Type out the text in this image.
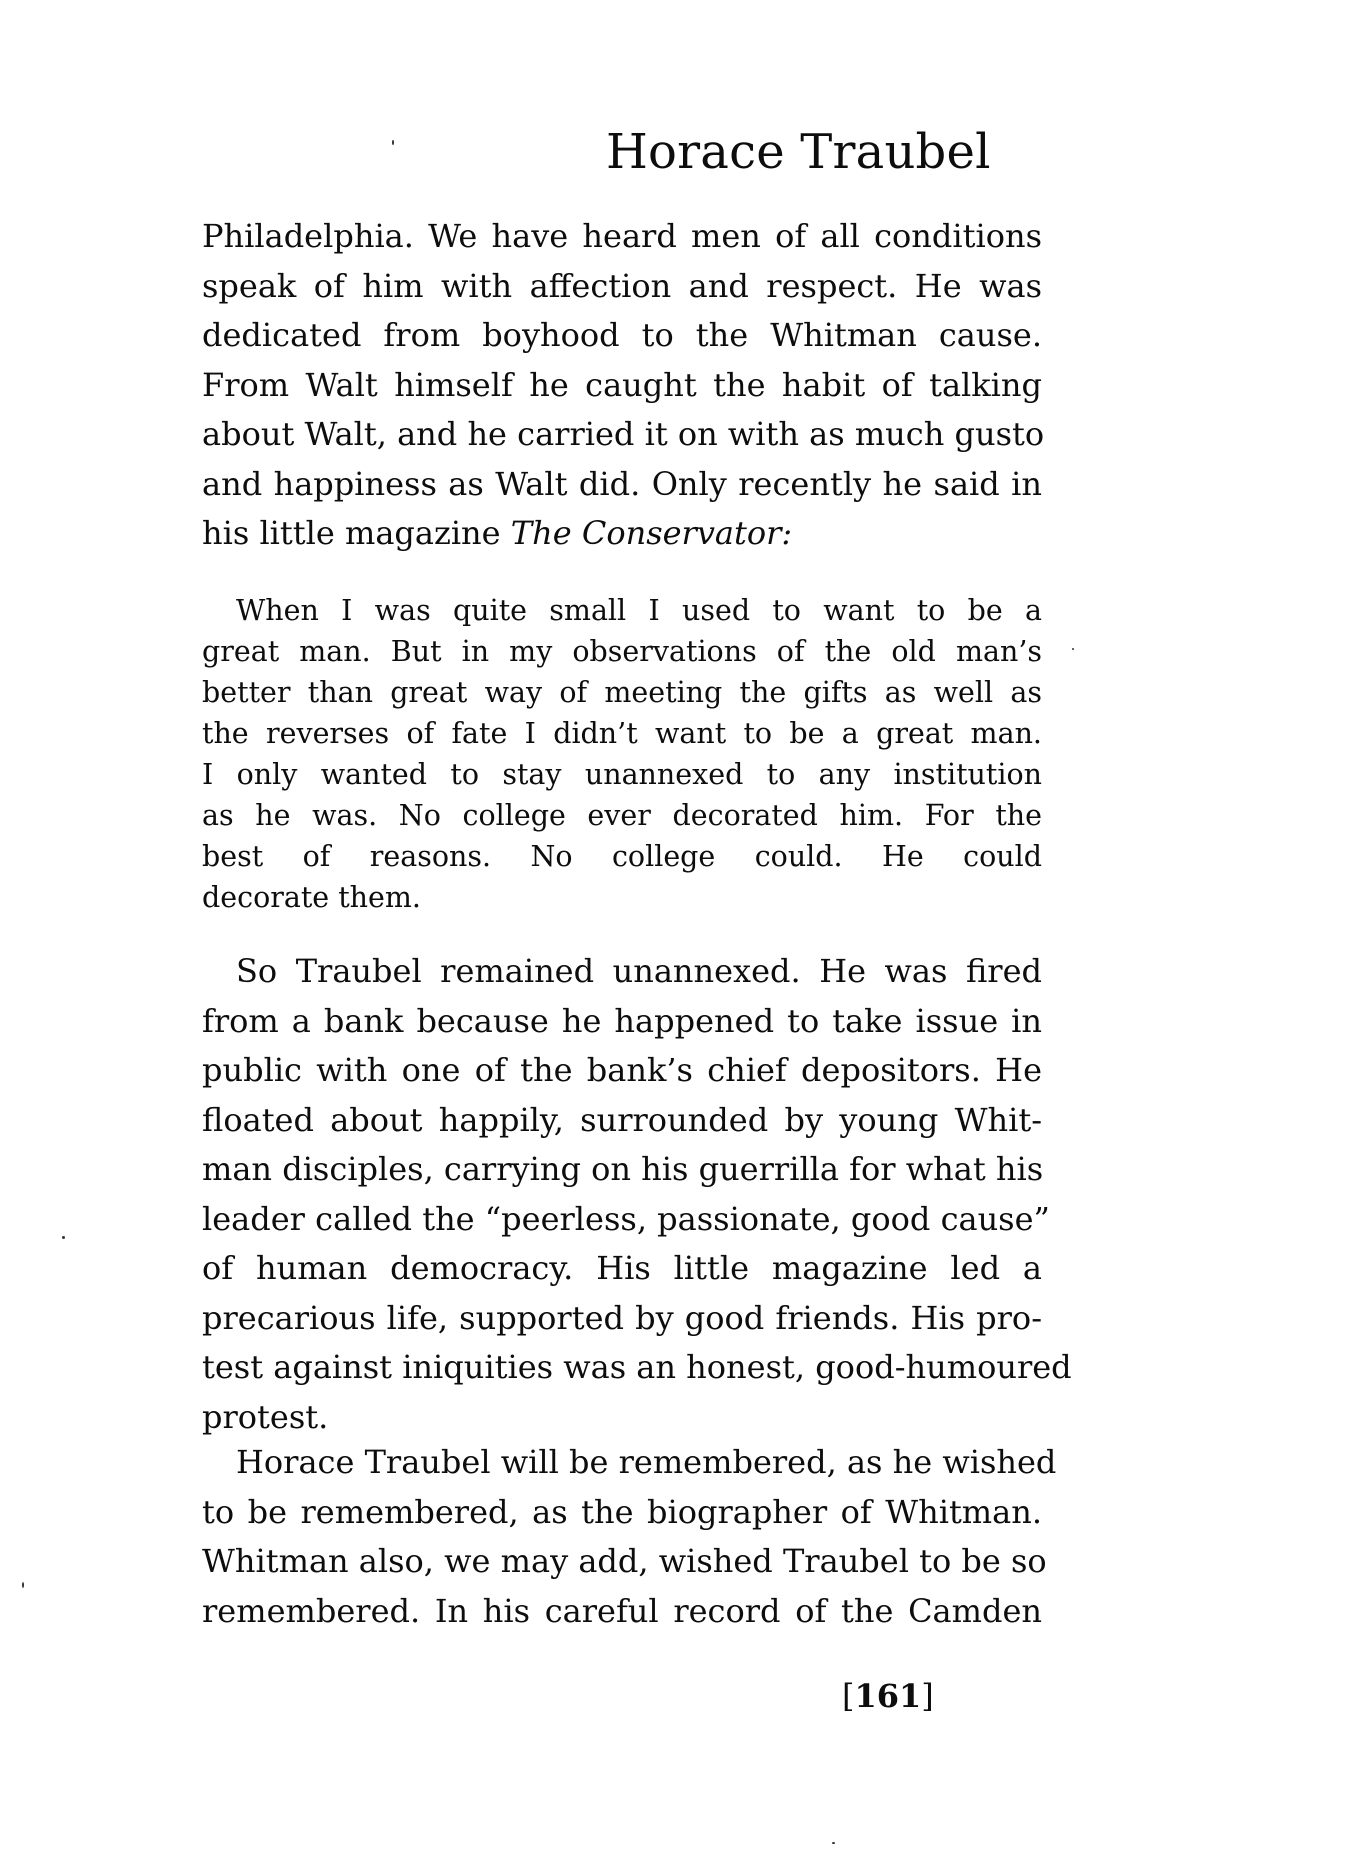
Horace Traubel
Philadelphia. We have heard men of all conditions
speak of him with affection and respect. He was
dedicated from boyhood to the Whitman cause.
From Walt himself he caught the habit of talking
about Walt, and he carried it on with as much gusto
and happiness as Walt did. Only recently he said in
his little magazine The Conservator:
When I was quite small I used to want to be a
great man. But in my observations of the old man’s
better than great way of meeting the gifts as well as
the reverses of fate I didn’t want to be a great man.
I only wanted to stay unannexed to any institution
as he was. No college ever decorated him. For the
best of reasons. No college could. He could
decorate them.
So Traubel remained unannexed. He was fired
from a bank because he happened to take issue in
public with one of the bank’s chief depositors. He
floated about happily, surrounded by young Whit-
man disciples, carrying on his guerrilla for what his
leader called the “peerless, passionate, good cause”
of human democracy. His little magazine led a
precarious life, supported by good friends. His pro-
test against iniquities was an honest, good-humoured
protest.
Horace Traubel will be remembered, as he wished
to be remembered, as the biographer of Whitman.
Whitman also, we may add, wished Traubel to be so
remembered. In his careful record of the Camden
[161]
